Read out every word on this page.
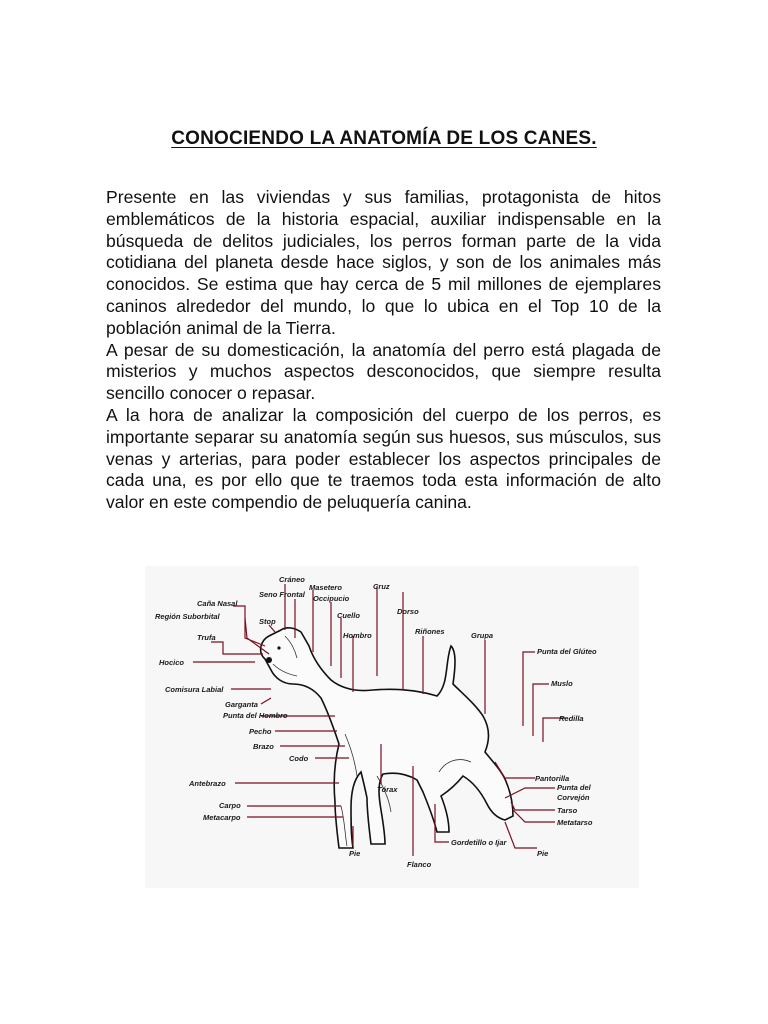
CONOCIENDO LA ANATOMÍA DE LOS CANES.

Presente en las viviendas y sus familias, protagonista de hitos emblemáticos de la historia espacial, auxiliar indispensable en la búsqueda de delitos judiciales, los perros forman parte de la vida cotidiana del planeta desde hace siglos, y son de los animales más conocidos. Se estima que hay cerca de 5 mil millones de ejemplares caninos alrededor del mundo, lo que lo ubica en el Top 10 de la población animal de la Tierra.

A pesar de su domesticación, la anatomía del perro está plagada de misterios y muchos aspectos desconocidos, que siempre resulta sencillo conocer o repasar.

A la hora de analizar la composición del cuerpo de los perros, es importante separar su anatomía según sus huesos, sus músculos, sus venas y arterias, para poder establecer los aspectos principales de cada una, es por ello que te traemos toda esta información de alto valor en este compendio de peluquería canina.

Cráneo
Seno Frontal
Masetero
Occipucio
Cruz
Caña Nasal
Región Suborbital
Stop
Cuello	Dorso
Trufa	Hombro	Riñones	Grupa
Punta del Glúteo
Hocico
Muslo
Comisura Labial
Garganta
Punta del Hombro	Redilla
Pecho
Brazo
Codo
Antebrazo
Tórax
Pantorilla
Punta del
Corvejón
Carpo
Tarso
Metacarpo
Metatarso
Gordetillo o Ijar
Pie	Pie
Flanco
